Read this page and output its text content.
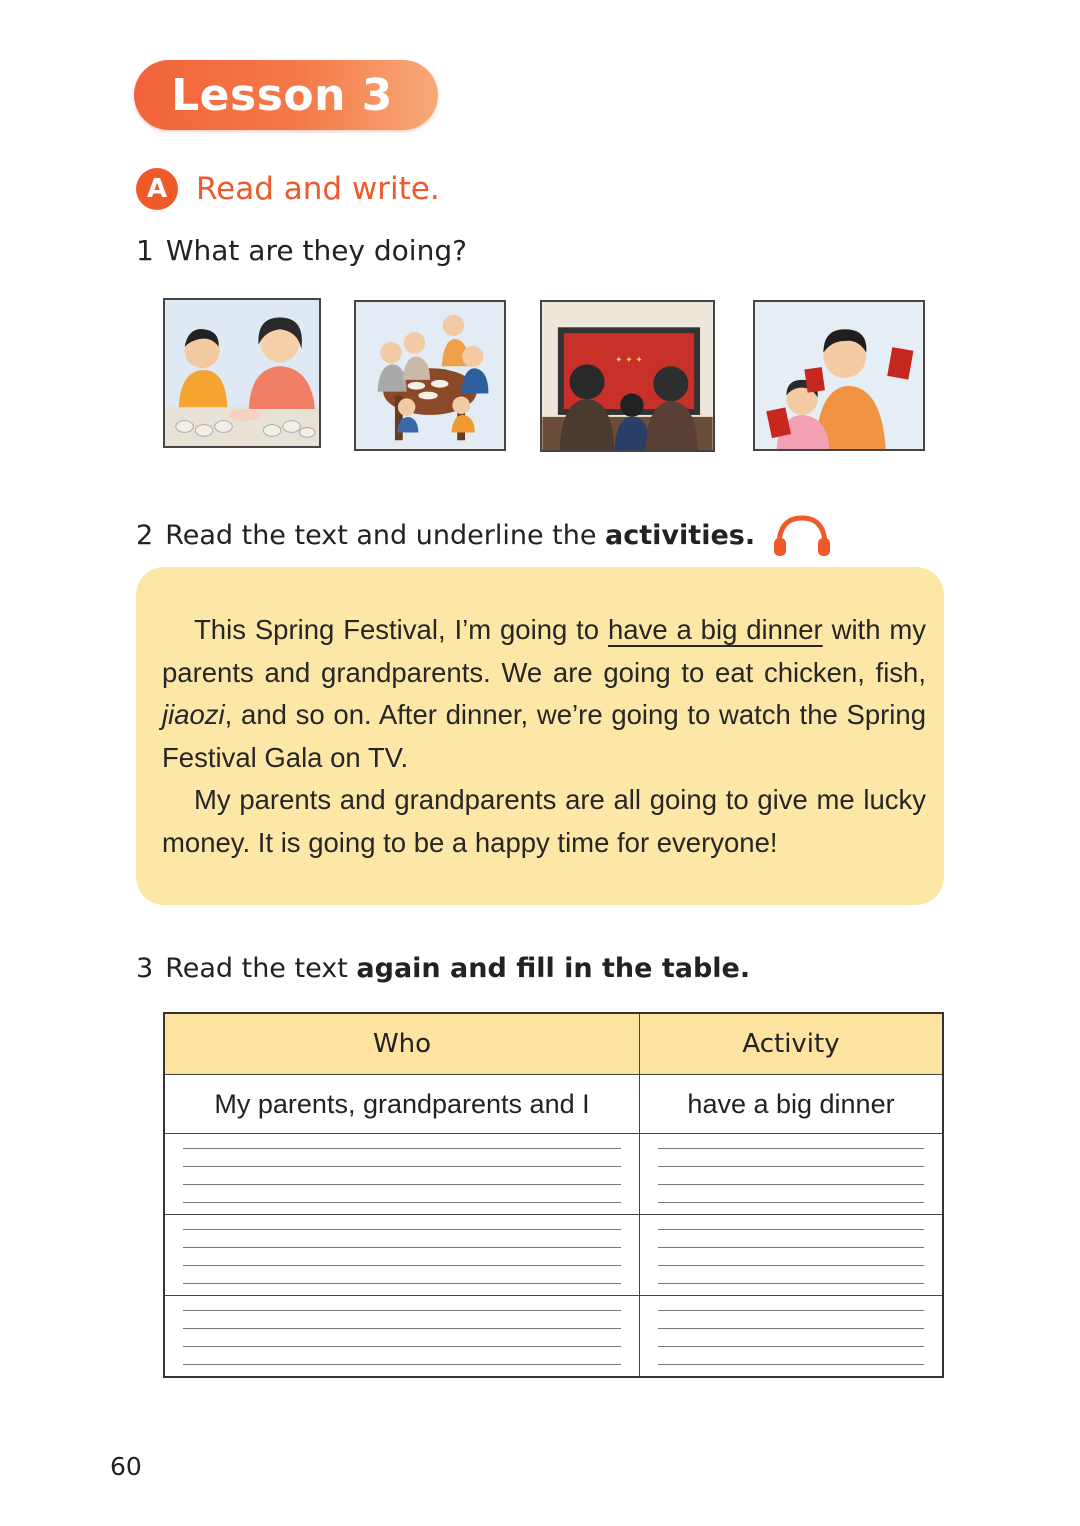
Lesson 3
A Read and write.
1 What are they doing?
✦ ✦ ✦
2 Read the text and underline the
activities.

This Spring Festival, I’m going to have a big dinner with my parents and grandparents. We are going to eat chicken, fish, jiaozi, and so on. After dinner, we’re going to watch the Spring Festival Gala on TV.

My parents and grandparents are all going to give me lucky money. It is going to be a happy time for everyone!

3 Read the text again and fill in the table.
Who	Activity
My parents, grandparents and I	have a big dinner

60
